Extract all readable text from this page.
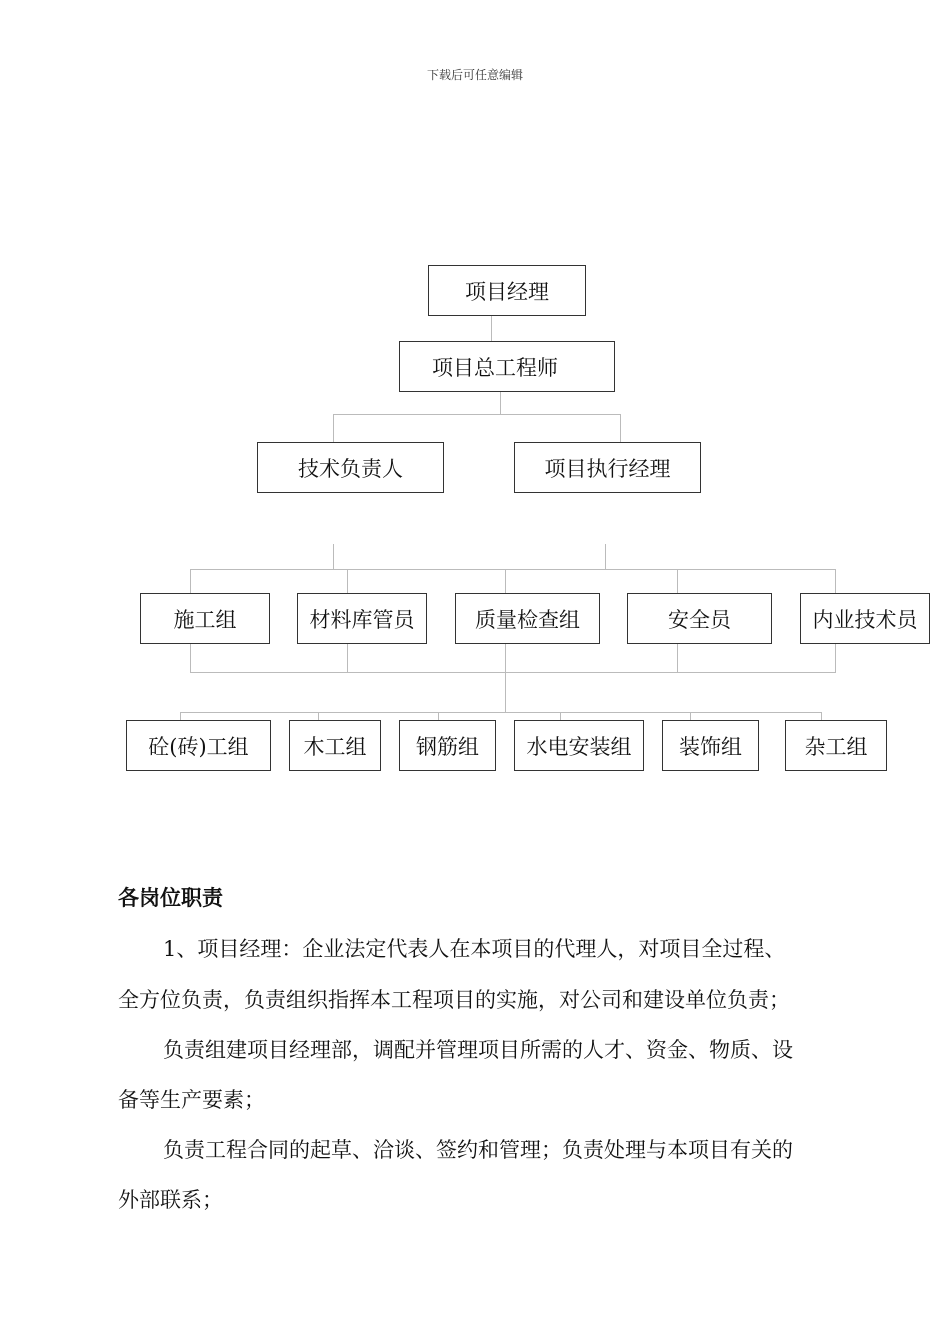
下载后可任意编辑
项目经理
项目总工程师
技术负责人	项目执行经理
施工组	材料库管员	质量检查组	安全员	内业技术员
砼(砖)工组	木工组	钢筋组	水电安装组	装饰组	杂工组
各岗位职责
1、项目经理：企业法定代表人在本项目的代理人，对项目全过程、
全方位负责，负责组织指挥本工程项目的实施，对公司和建设单位负责；
负责组建项目经理部，调配并管理项目所需的人才、资金、物质、设
备等生产要素；
负责工程合同的起草、洽谈、签约和管理；负责处理与本项目有关的
外部联系；
